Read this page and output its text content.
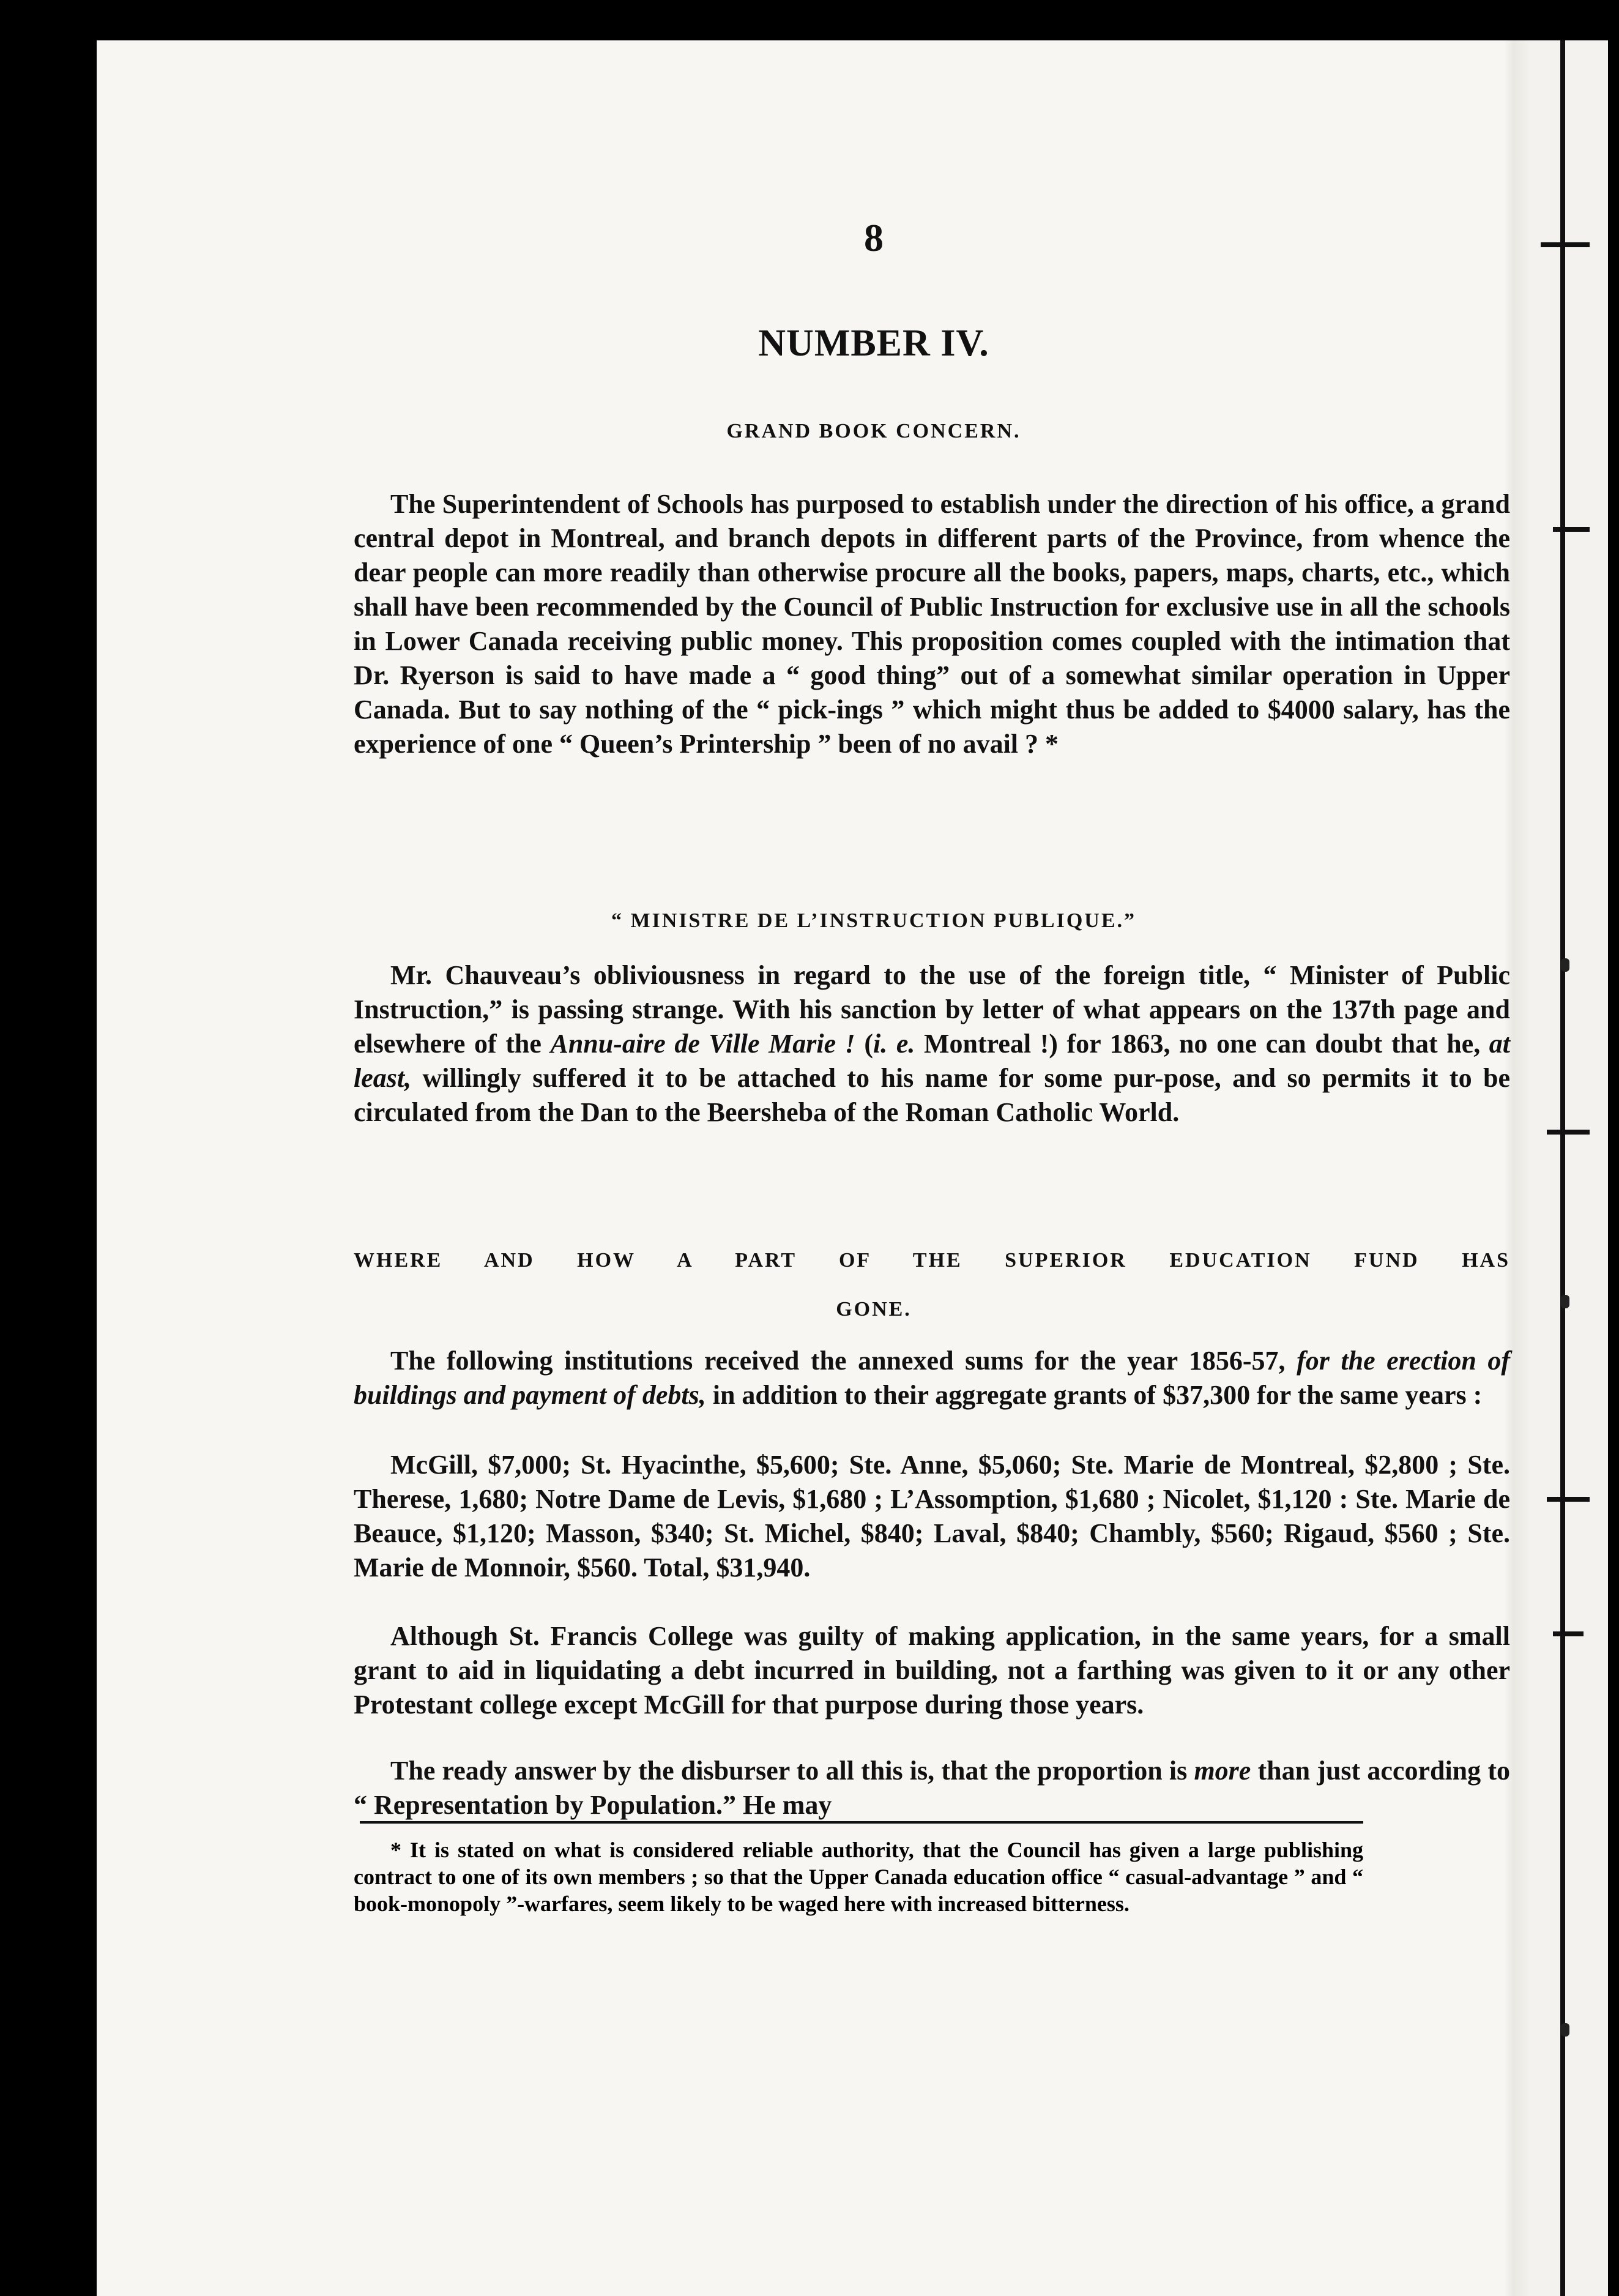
8
NUMBER IV.
GRAND BOOK CONCERN.
The Superintendent of Schools has purposed to establish under the direction of his office, a grand central depot in Montreal, and branch depots in different parts of the Province, from whence the dear people can more readily than otherwise procure all the books, papers, maps, charts, etc., which shall have been recommended by the Council of Public Instruction for exclusive use in all the schools in Lower Canada receiving public money. This proposition comes coupled with the intimation that Dr. Ryerson is said to have made a “ good thing” out of a somewhat similar operation in Upper Canada. But to say nothing of the “ pick-ings ” which might thus be added to $4000 salary, has the experience of one “ Queen’s Printership ” been of no avail ? *
“ MINISTRE DE L’INSTRUCTION PUBLIQUE.”
Mr. Chauveau’s obliviousness in regard to the use of the foreign title, “ Minister of Public Instruction,” is passing strange. With his sanction by letter of what appears on the 137th page and elsewhere of the Annu-aire de Ville Marie ! (i. e. Montreal !) for 1863, no one can doubt that he, at least, willingly suffered it to be attached to his name for some pur-pose, and so permits it to be circulated from the Dan to the Beersheba of the Roman Catholic World.
WHERE AND HOW A PART OF THE SUPERIOR EDUCATION FUND HAS
GONE.
The following institutions received the annexed sums for the year 1856-57, for the erection of buildings and payment of debts, in addition to their aggregate grants of $37,300 for the same years :
McGill, $7,000; St. Hyacinthe, $5,600; Ste. Anne, $5,060; Ste. Marie de Montreal, $2,800 ; Ste. Therese, 1,680; Notre Dame de Levis, $1,680 ; L’Assomption, $1,680 ; Nicolet, $1,120 : Ste. Marie de Beauce, $1,120; Masson, $340; St. Michel, $840; Laval, $840; Chambly, $560; Rigaud, $560 ; Ste. Marie de Monnoir, $560. Total, $31,940.
Although St. Francis College was guilty of making application, in the same years, for a small grant to aid in liquidating a debt incurred in building, not a farthing was given to it or any other Protestant college except McGill for that purpose during those years.
The ready answer by the disburser to all this is, that the proportion is more than just according to “ Representation by Population.” He may
* It is stated on what is considered reliable authority, that the Council has given a large publishing contract to one of its own members ; so that the Upper Canada education office “ casual-advantage ” and “ book-monopoly ”-warfares, seem likely to be waged here with increased bitterness.
